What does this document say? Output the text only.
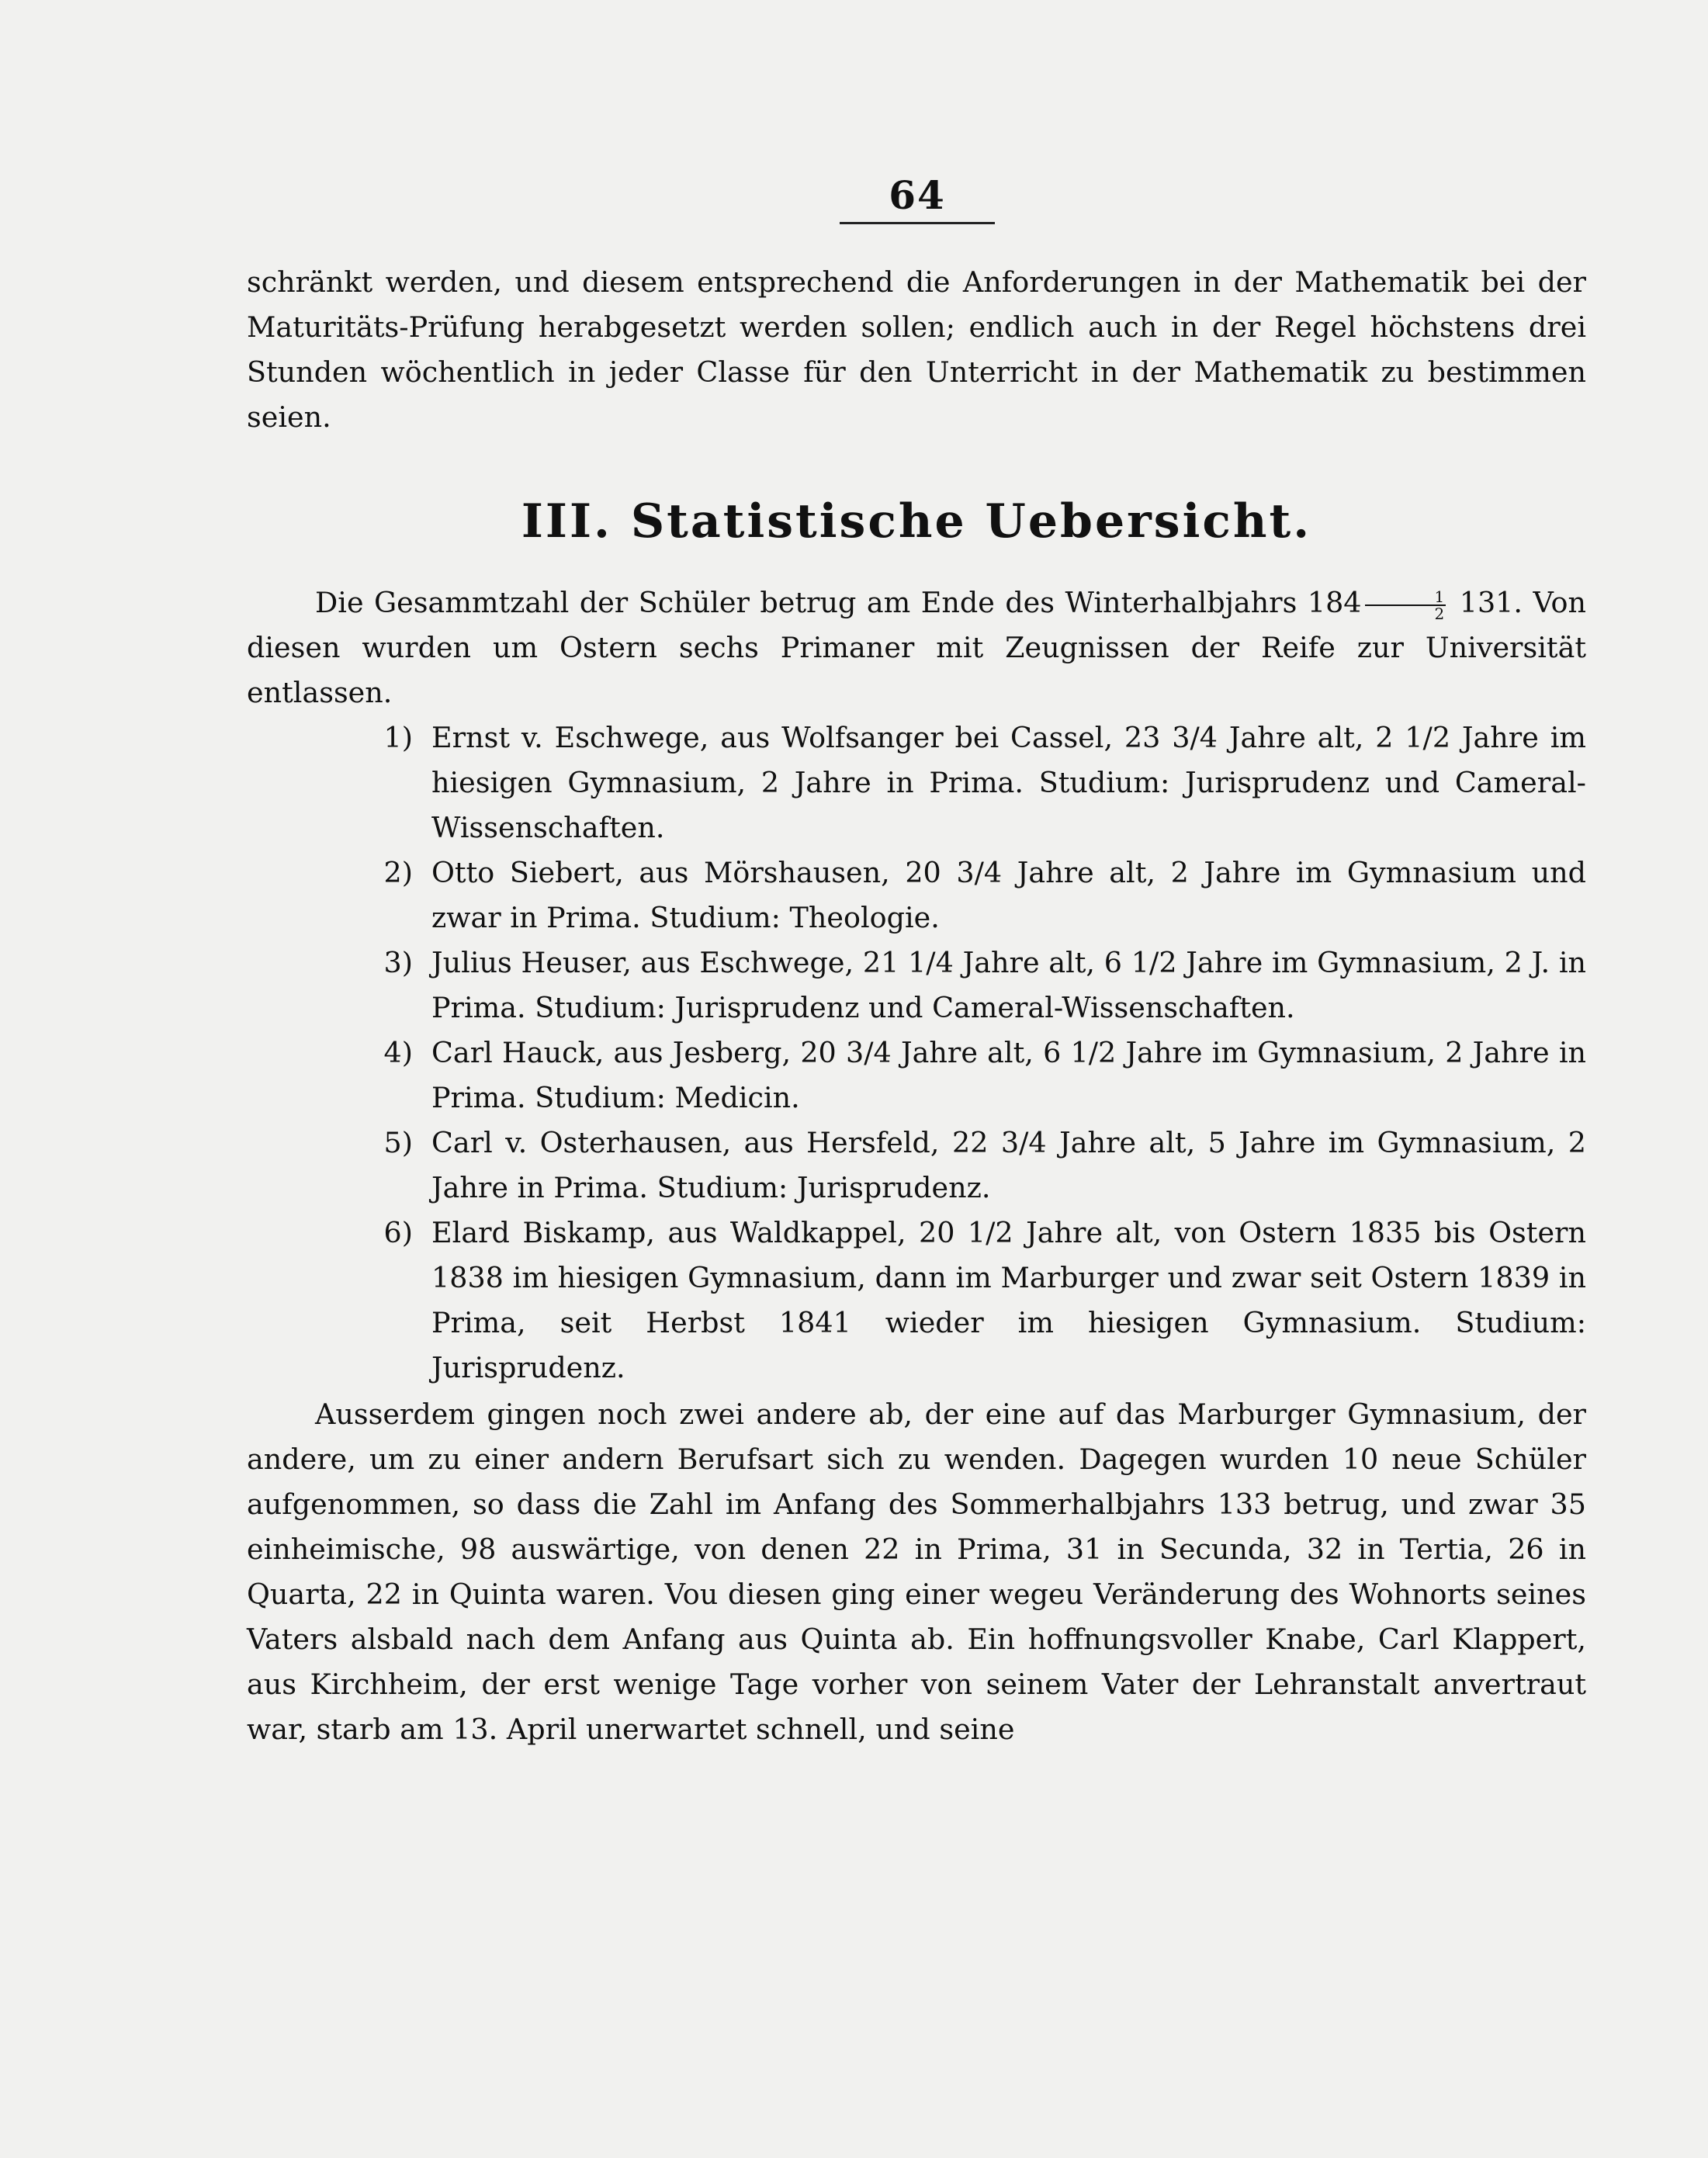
64

schränkt werden, und diesem entsprechend die Anforderungen in der Mathematik bei der Maturitäts-Prüfung herabgesetzt werden sollen; endlich auch in der Regel höchstens drei Stunden wöchentlich in jeder Classe für den Unterricht in der Mathematik zu bestimmen seien.

III. Statistische Uebersicht.

Die Gesammtzahl der Schüler betrug am Ende des Winterhalbjahrs $184 \frac{1}{2} 131$. Von diesen wurden um Ostern sechs Primaner mit Zeugnissen der Reife zur Universität entlassen.

1) Ernst v. Eschwege, aus Wolfsanger bei Cassel, 23 3/4 Jahre alt, 2 1/2 Jahre im hiesigen Gymnasium, 2 Jahre in Prima. Studium: Jurisprudenz und Cameral-Wissenschaften.
2) Otto Siebert, aus Mörshausen, 20 3/4 Jahre alt, 2 Jahre im Gymnasium und zwar in Prima. Studium: Theologie.
3) Julius Heuser, aus Eschwege, 21 1/4 Jahre alt, 6 1/2 Jahre im Gymnasium, 2 J. in Prima. Studium: Jurisprudenz und Cameral-Wissenschaften.
4) Carl Hauck, aus Jesberg, 20 3/4 Jahre alt, 6 1/2 Jahre im Gymnasium, 2 Jahre in Prima. Studium: Medicin.
5) Carl v. Osterhausen, aus Hersfeld, 22 3/4 Jahre alt, 5 Jahre im Gymnasium, 2 Jahre in Prima. Studium: Jurisprudenz.
6) Elard Biskamp, aus Waldkappel, 20 1/2 Jahre alt, von Ostern 1835 bis Ostern 1838 im hiesigen Gymnasium, dann im Marburger und zwar seit Ostern 1839 in Prima, seit Herbst 1841 wieder im hiesigen Gymnasium. Studium: Jurisprudenz.

Ausserdem gingen noch zwei andere ab, der eine auf das Marburger Gymnasium, der andere, um zu einer andern Berufsart sich zu wenden. Dagegen wurden 10 neue Schüler aufgenommen, so dass die Zahl im Anfang des Sommerhalbjahrs 133 betrug, und zwar 35 einheimische, 98 auswärtige, von denen 22 in Prima, 31 in Secunda, 32 in Tertia, 26 in Quarta, 22 in Quinta waren. Vou diesen ging einer wegeu Veränderung des Wohnorts seines Vaters alsbald nach dem Anfang aus Quinta ab. Ein hoffnungsvoller Knabe, Carl Klappert, aus Kirchheim, der erst wenige Tage vorher von seinem Vater der Lehranstalt anvertraut war, starb am 13. April unerwartet schnell, und seine
